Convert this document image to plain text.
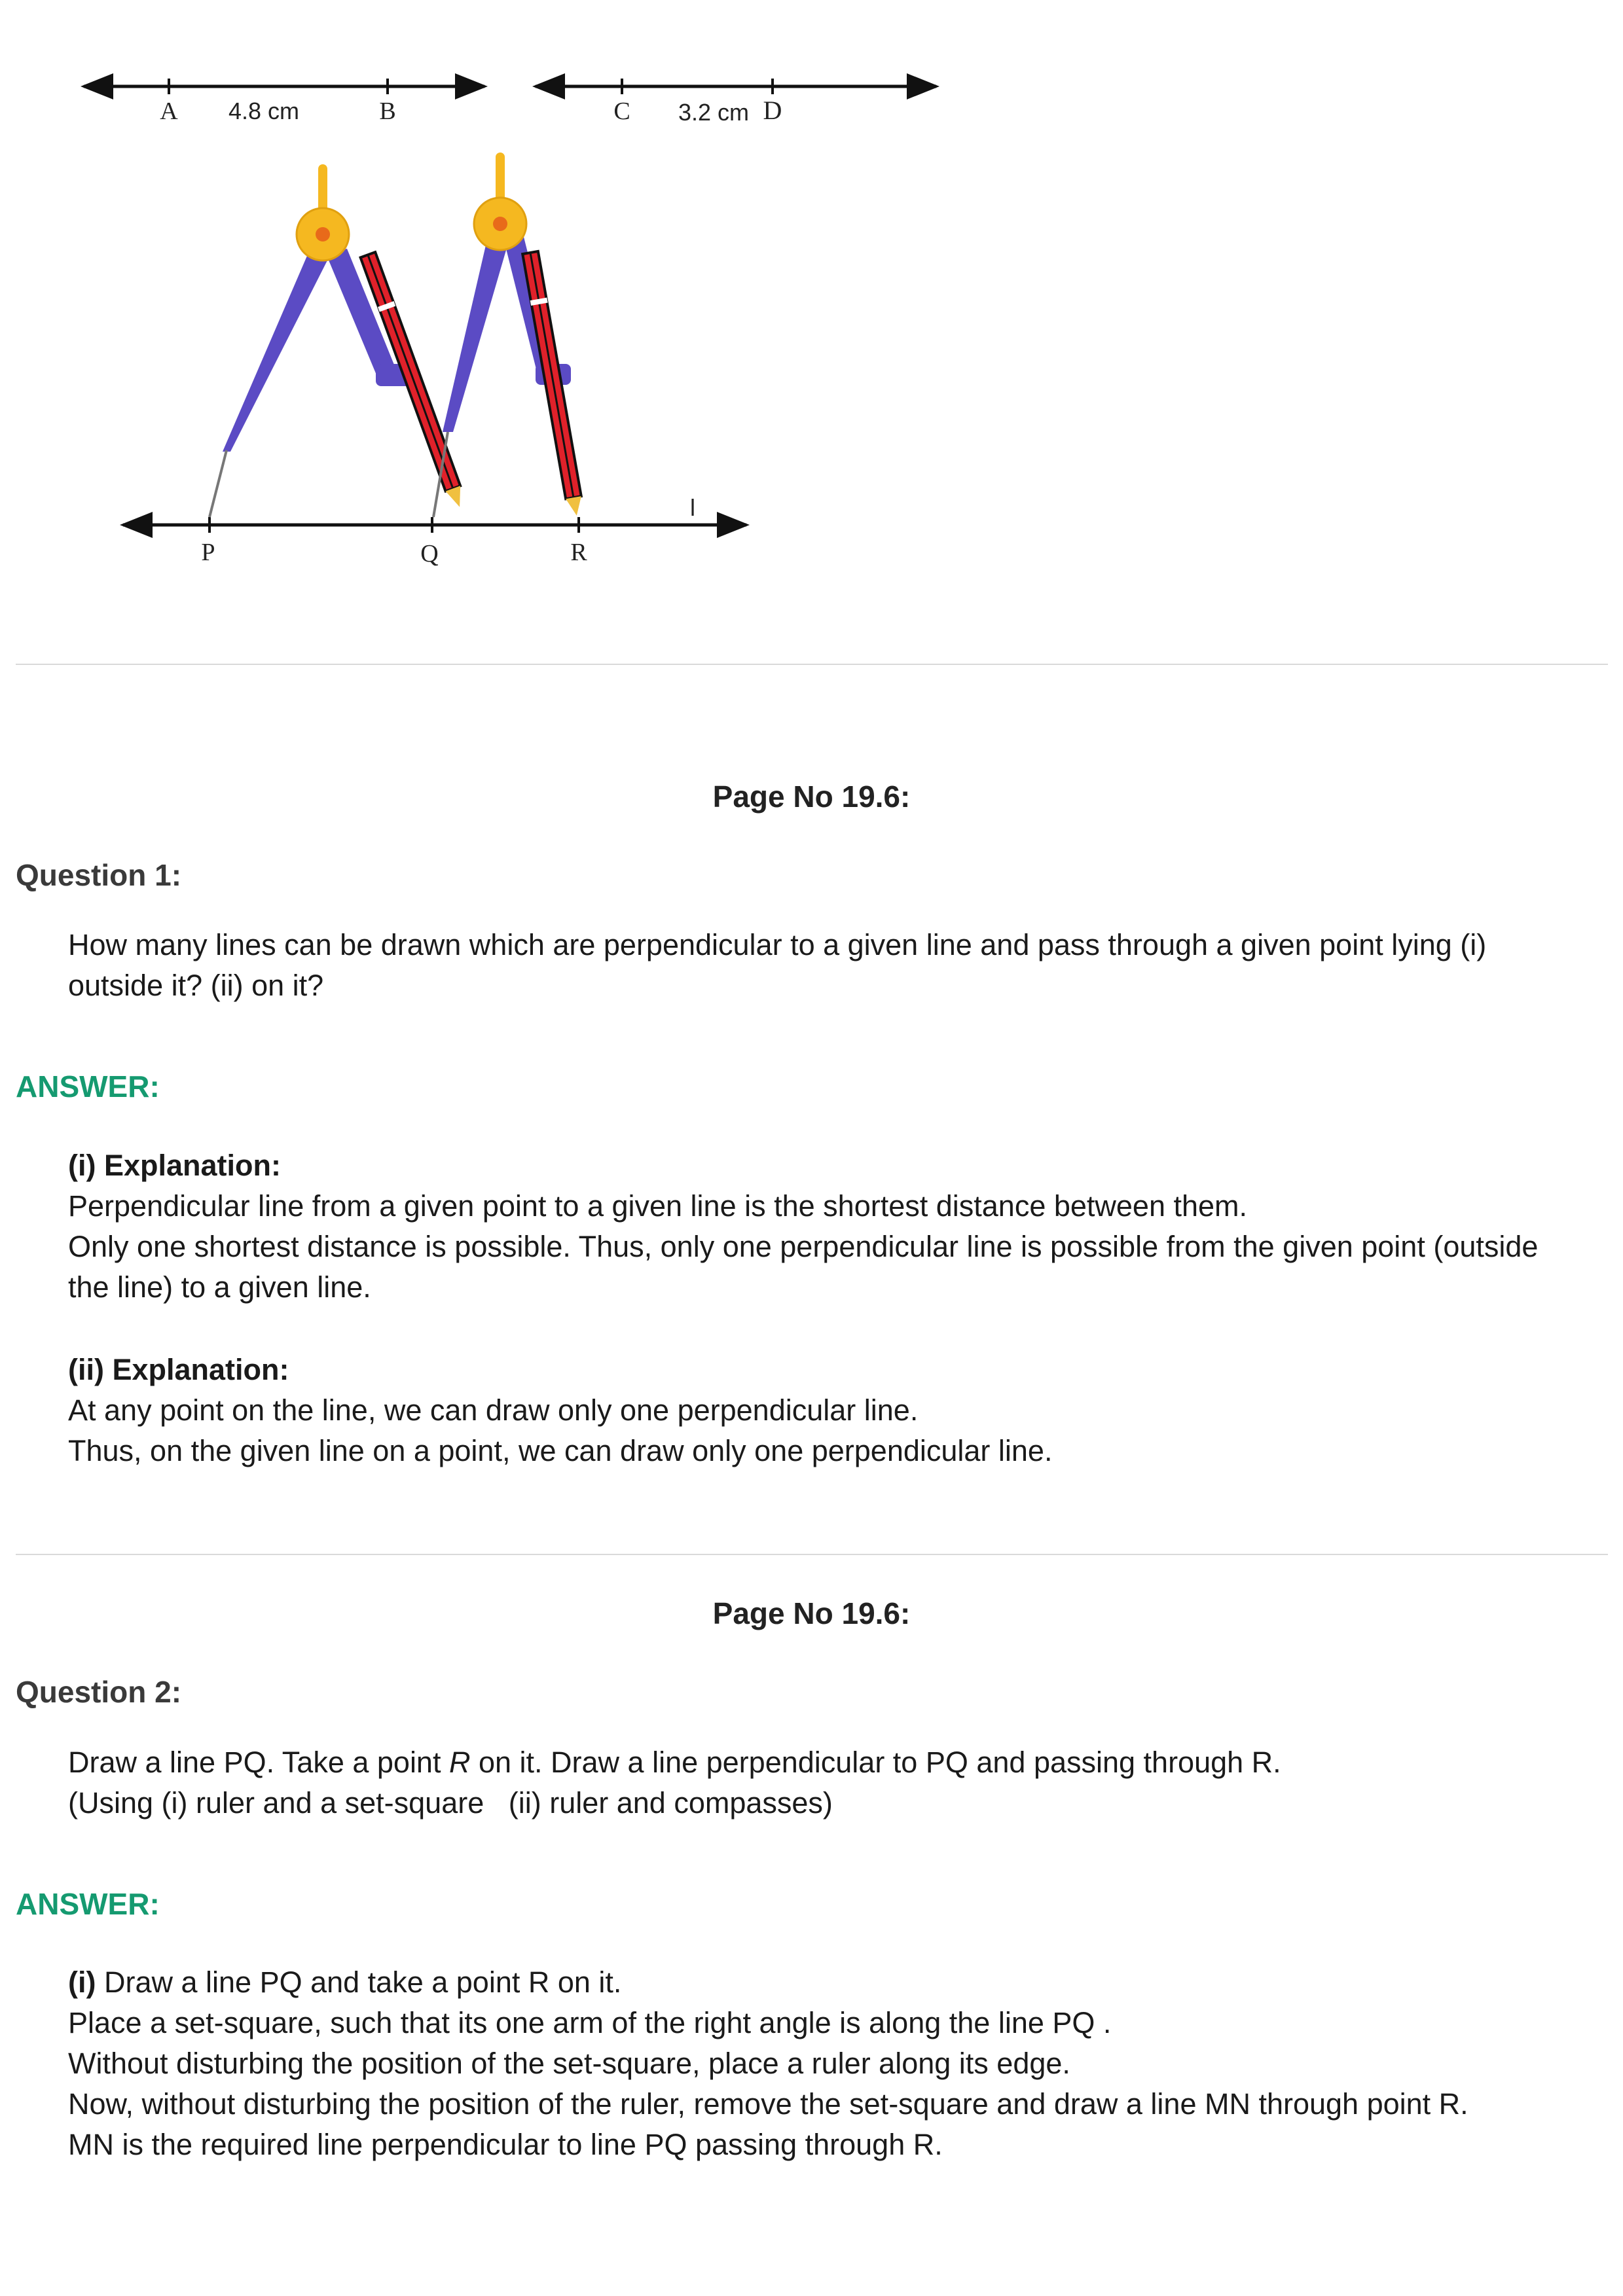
A 4.8 cm	B	C 3.2 cm D
P	Q	R
l
Page No 19.6:
Question 1:
How many lines can be drawn which are perpendicular to a given line and pass through a given point lying (i)
outside it? (ii) on it?
ANSWER:
(i) Explanation:
Perpendicular line from a given point to a given line is the shortest distance between them.
Only one shortest distance is possible. Thus, only one perpendicular line is possible from the given point (outside
the line) to a given line.
(ii) Explanation:
At any point on the line, we can draw only one perpendicular line.
Thus, on the given line on a point, we can draw only one perpendicular line.
Page No 19.6:
Question 2:
Draw a line PQ. Take a point R on it. Draw a line perpendicular to PQ and passing through R.
(Using (i) ruler and a set-square   (ii) ruler and compasses)
ANSWER:
(i) Draw a line PQ and take a point R on it.
Place a set-square, such that its one arm of the right angle is along the line PQ .
Without disturbing the position of the set-square, place a ruler along its edge.
Now, without disturbing the position of the ruler, remove the set-square and draw a line MN through point R.
MN is the required line perpendicular to line PQ passing through R.
